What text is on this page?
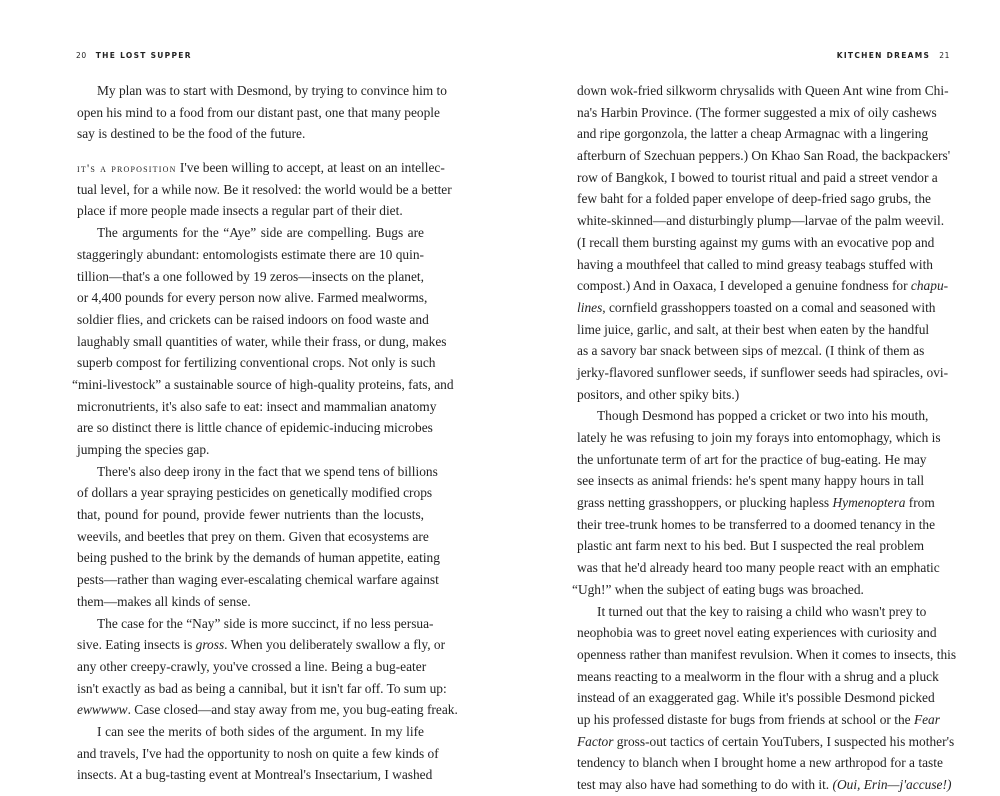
20 THE LOST SUPPER
My plan was to start with Desmond, by trying to convince him to
open his mind to a food from our distant past, one that many people
say is destined to be the food of the future.
it's a proposition I've been willing to accept, at least on an intellec-
tual level, for a while now. Be it resolved: the world would be a better
place if more people made insects a regular part of their diet.
The arguments for the “Aye” side are compelling. Bugs are
staggeringly abundant: entomologists estimate there are 10 quin-
tillion—that's a one followed by 19 zeros—insects on the planet,
or 4,400 pounds for every person now alive. Farmed mealworms,
soldier flies, and crickets can be raised indoors on food waste and
laughably small quantities of water, while their frass, or dung, makes
superb compost for fertilizing conventional crops. Not only is such
“mini-livestock” a sustainable source of high-quality proteins, fats, and
micronutrients, it's also safe to eat: insect and mammalian anatomy
are so distinct there is little chance of epidemic-inducing microbes
jumping the species gap.
There's also deep irony in the fact that we spend tens of billions
of dollars a year spraying pesticides on genetically modified crops
that, pound for pound, provide fewer nutrients than the locusts,
weevils, and beetles that prey on them. Given that ecosystems are
being pushed to the brink by the demands of human appetite, eating
pests—rather than waging ever-escalating chemical warfare against
them—makes all kinds of sense.
The case for the “Nay” side is more succinct, if no less persua-
sive. Eating insects is gross. When you deliberately swallow a fly, or
any other creepy-crawly, you've crossed a line. Being a bug-eater
isn't exactly as bad as being a cannibal, but it isn't far off. To sum up:
ewwwww. Case closed—and stay away from me, you bug-eating freak.
I can see the merits of both sides of the argument. In my life
and travels, I've had the opportunity to nosh on quite a few kinds of
insects. At a bug-tasting event at Montreal's Insectarium, I washed
KITCHEN DREAMS 21
down wok-fried silkworm chrysalids with Queen Ant wine from Chi-
na's Harbin Province. (The former suggested a mix of oily cashews
and ripe gorgonzola, the latter a cheap Armagnac with a lingering
afterburn of Szechuan peppers.) On Khao San Road, the backpackers'
row of Bangkok, I bowed to tourist ritual and paid a street vendor a
few baht for a folded paper envelope of deep-fried sago grubs, the
white-skinned—and disturbingly plump—larvae of the palm weevil.
(I recall them bursting against my gums with an evocative pop and
having a mouthfeel that called to mind greasy teabags stuffed with
compost.) And in Oaxaca, I developed a genuine fondness for chapu-
lines, cornfield grasshoppers toasted on a comal and seasoned with
lime juice, garlic, and salt, at their best when eaten by the handful
as a savory bar snack between sips of mezcal. (I think of them as
jerky-flavored sunflower seeds, if sunflower seeds had spiracles, ovi-
positors, and other spiky bits.)
Though Desmond has popped a cricket or two into his mouth,
lately he was refusing to join my forays into entomophagy, which is
the unfortunate term of art for the practice of bug-eating. He may
see insects as animal friends: he's spent many happy hours in tall
grass netting grasshoppers, or plucking hapless Hymenoptera from
their tree-trunk homes to be transferred to a doomed tenancy in the
plastic ant farm next to his bed. But I suspected the real problem
was that he'd already heard too many people react with an emphatic
“Ugh!” when the subject of eating bugs was broached.
It turned out that the key to raising a child who wasn't prey to
neophobia was to greet novel eating experiences with curiosity and
openness rather than manifest revulsion. When it comes to insects, this
means reacting to a mealworm in the flour with a shrug and a pluck
instead of an exaggerated gag. While it's possible Desmond picked
up his professed distaste for bugs from friends at school or the Fear
Factor gross-out tactics of certain YouTubers, I suspected his mother's
tendency to blanch when I brought home a new arthropod for a taste
test may also have had something to do with it. (Oui, Erin—j'accuse!)
